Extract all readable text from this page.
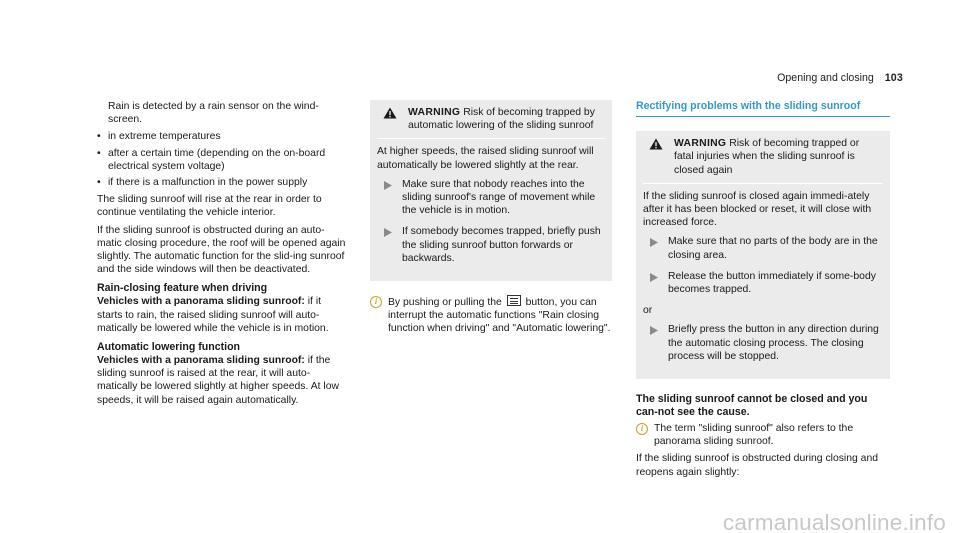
Opening and closing 103

Rain is detected by a rain sensor on the wind-screen.

• in extreme temperatures
• after a certain time (depending on the on-board electrical system voltage)
• if there is a malfunction in the power supply

The sliding sunroof will rise at the rear in order to continue ventilating the vehicle interior.

If the sliding sunroof is obstructed during an auto-matic closing procedure, the roof will be opened again slightly. The automatic function for the slid-ing sunroof and the side windows will then be deactivated.

Rain-closing feature when driving

Vehicles with a panorama sliding sunroof: if it starts to rain, the raised sliding sunroof will auto-matically be lowered while the vehicle is in motion.

Automatic lowering function

Vehicles with a panorama sliding sunroof: if the sliding sunroof is raised at the rear, it will auto-matically be lowered slightly at higher speeds. At low speeds, it will be raised again automatically.

WARNING Risk of becoming trapped by automatic lowering of the sliding sunroof

At higher speeds, the raised sliding sunroof will automatically be lowered slightly at the rear.

Make sure that nobody reaches into the sliding sunroof's range of movement while the vehicle is in motion.
If somebody becomes trapped, briefly push the sliding sunroof button forwards or backwards.
i	By pushing or pulling the
button, you can interrupt the automatic functions "Rain closing function when driving" and "Automatic lowering".
Rectifying problems with the sliding sunroof
WARNING Risk of becoming trapped or fatal injuries when the sliding sunroof is closed again

If the sliding sunroof is closed again immedi-ately after it has been blocked or reset, it will close with increased force.

Make sure that no parts of the body are in the closing area.
Release the button immediately if some-body becomes trapped.

or

Briefly press the button in any direction during the automatic closing process. The closing process will be stopped.
The sliding sunroof cannot be closed and you can-not see the cause.
i	The term "sliding sunroof" also refers to the panorama sliding sunroof.

If the sliding sunroof is obstructed during closing and reopens again slightly:

carmanualsonline.info
